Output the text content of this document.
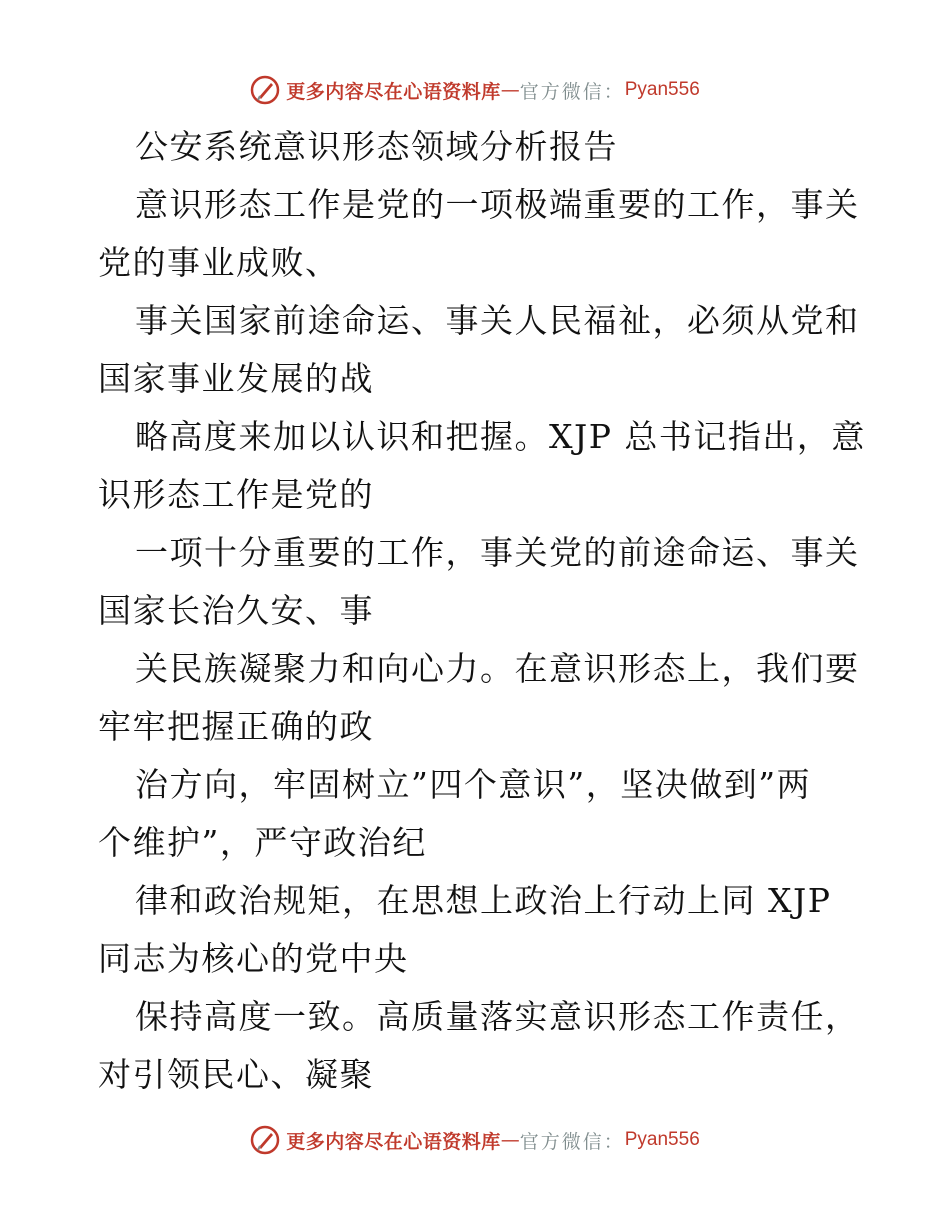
更多内容尽在心语资料库 — 官方微信： Pyan556
公安系统意识形态领域分析报告
意识形态工作是党的一项极端重要的工作，事关
党的事业成败、
事关国家前途命运、事关人民福祉，必须从党和
国家事业发展的战
略高度来加以认识和把握。XJP 总书记指出，意
识形态工作是党的
一项十分重要的工作，事关党的前途命运、事关
国家长治久安、事
关民族凝聚力和向心力。在意识形态上，我们要
牢牢把握正确的政
治方向，牢固树立”四个意识”，坚决做到”两
个维护”，严守政治纪
律和政治规矩，在思想上政治上行动上同 XJP
同志为核心的党中央
保持高度一致。高质量落实意识形态工作责任，
对引领民心、凝聚
更多内容尽在心语资料库 — 官方微信： Pyan556
